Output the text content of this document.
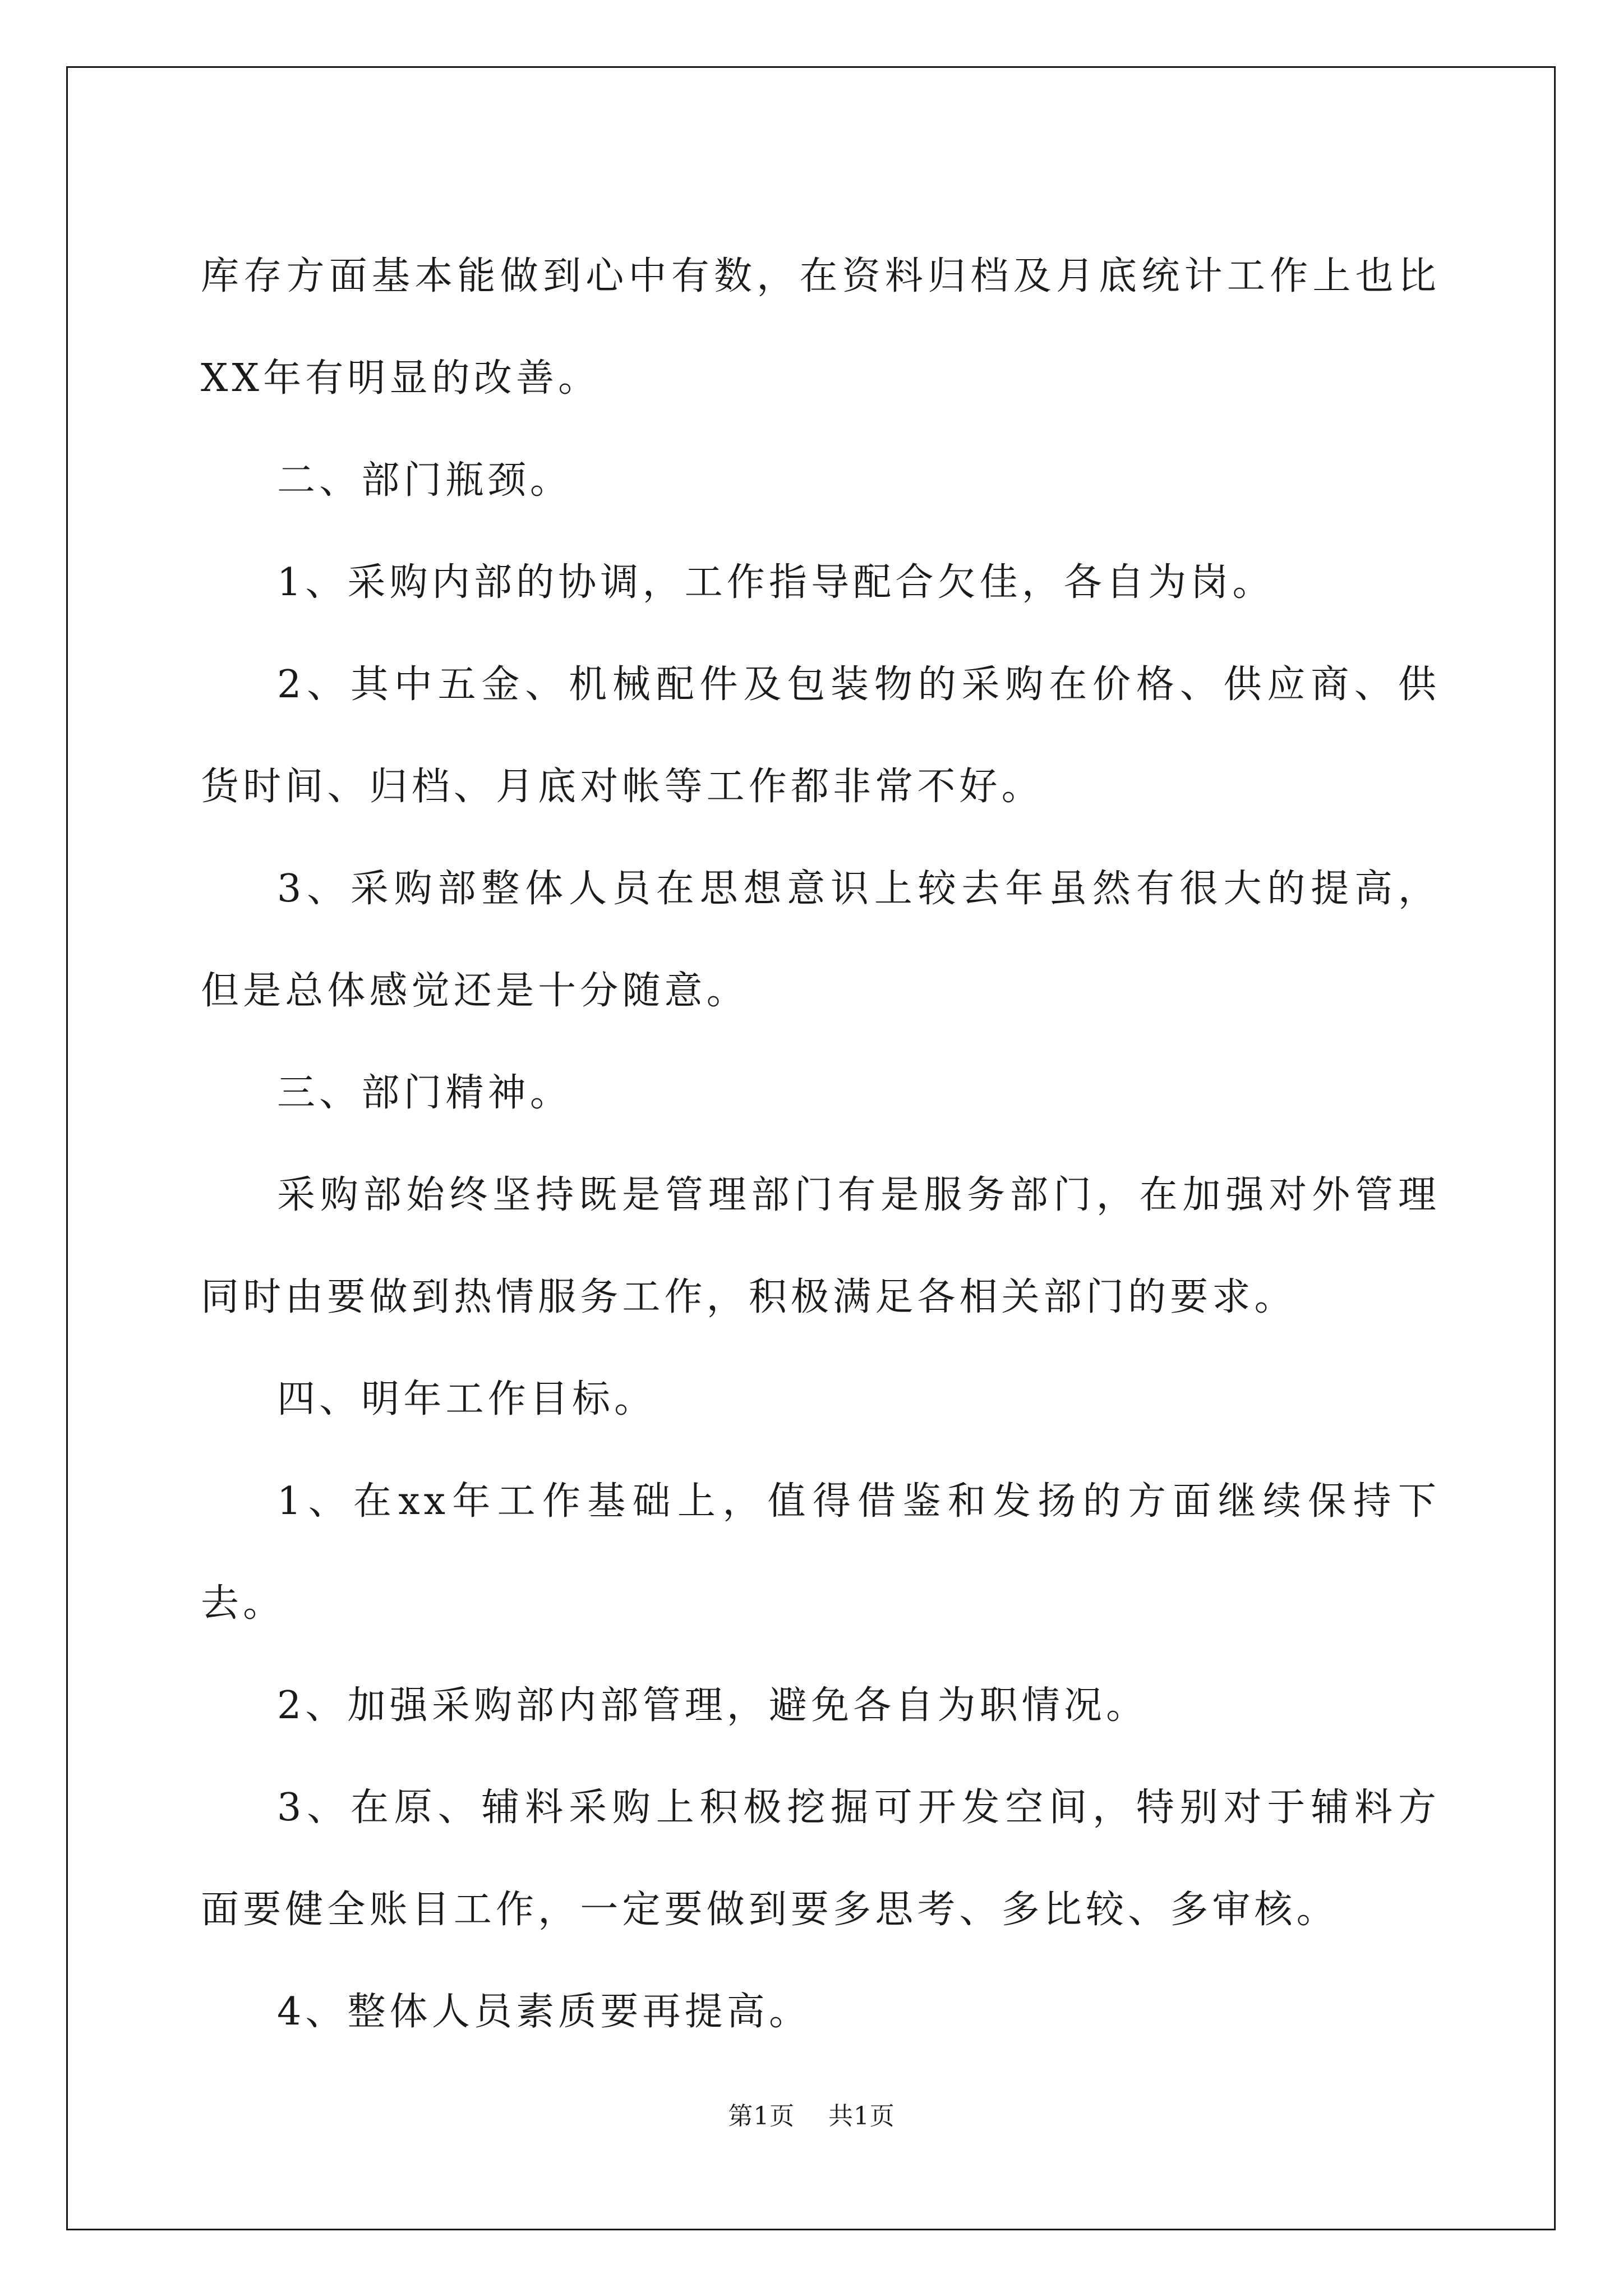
库存方面基本能做到心中有数，在资料归档及月底统计工作上也比XX年有明显的改善。

二、部门瓶颈。

1、采购内部的协调，工作指导配合欠佳，各自为岗。

2、其中五金、机械配件及包装物的采购在价格、供应商、供货时间、归档、月底对帐等工作都非常不好。

3、采购部整体人员在思想意识上较去年虽然有很大的提高，但是总体感觉还是十分随意。

三、部门精神。

采购部始终坚持既是管理部门有是服务部门，在加强对外管理同时由要做到热情服务工作，积极满足各相关部门的要求。

四、明年工作目标。

1、在xx年工作基础上，值得借鉴和发扬的方面继续保持下去。

2、加强采购部内部管理，避免各自为职情况。

3、在原、辅料采购上积极挖掘可开发空间，特别对于辅料方面要健全账目工作，一定要做到要多思考、多比较、多审核。

4、整体人员素质要再提高。

第1页 共1页
